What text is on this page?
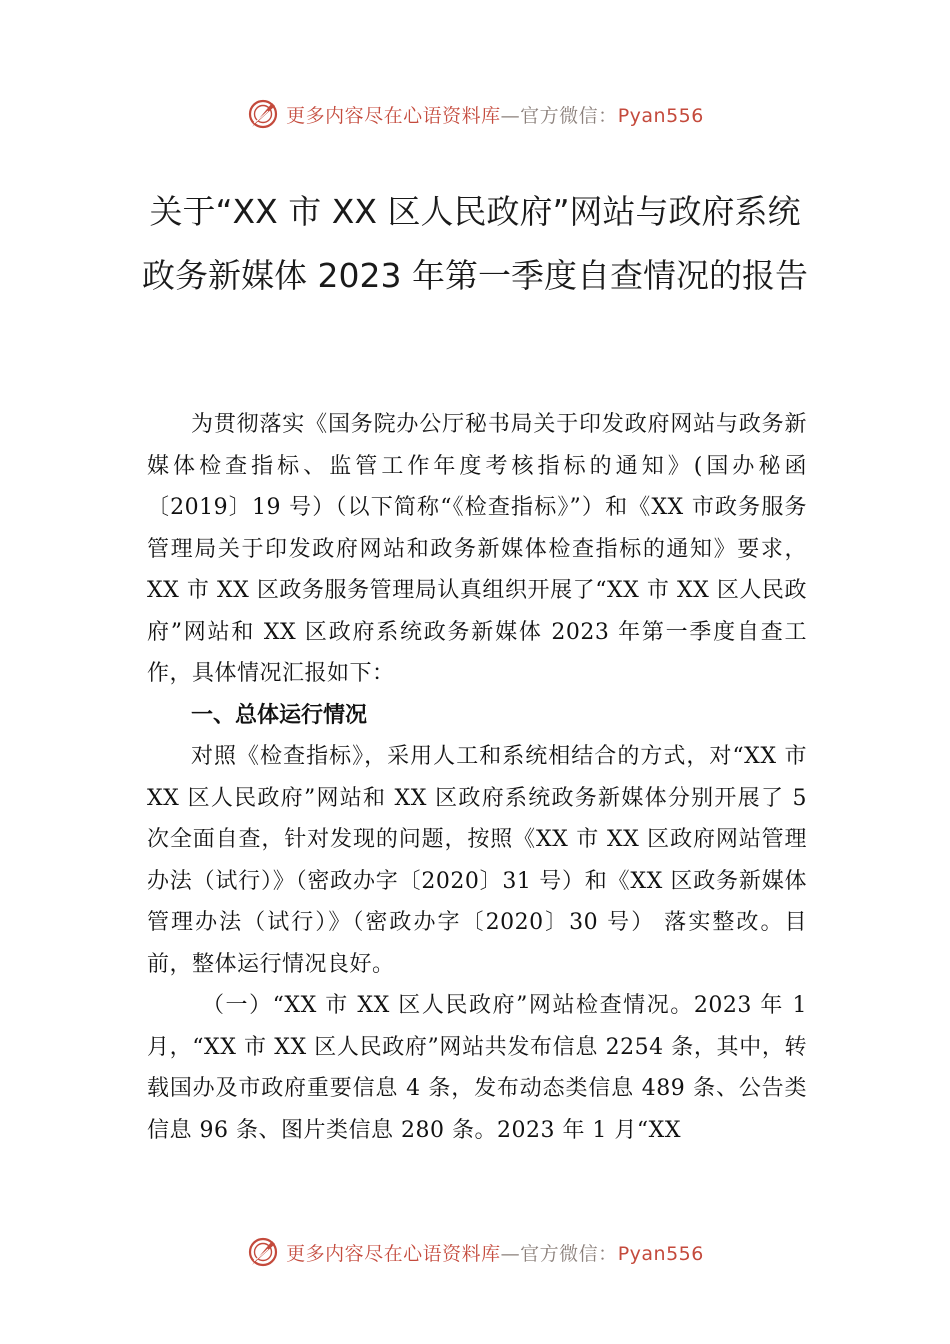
更多内容尽在心语资料库—官方微信：Pyan556
关于“XX 市 XX 区人民政府”网站与政府系统政务新媒体 2023 年第一季度自查情况的报告

为贯彻落实《国务院办公厅秘书局关于印发政府网站与政务新媒体检查指标、监管工作年度考核指标的通知》(国办秘函〔2019〕19 号）（以下简称“《检查指标》”）和《XX 市政务服务管理局关于印发政府网站和政务新媒体检查指标的通知》要求，XX 市 XX 区政务服务管理局认真组织开展了“XX 市 XX 区人民政府”网站和 XX 区政府系统政务新媒体 2023 年第一季度自查工作，具体情况汇报如下：

一、总体运行情况

对照《检查指标》，采用人工和系统相结合的方式，对“XX 市 XX 区人民政府”网站和 XX 区政府系统政务新媒体分别开展了 5 次全面自查，针对发现的问题，按照《XX 市 XX 区政府网站管理办法（试行）》（密政办字〔2020〕31 号）和《XX 区政务新媒体管理办法（试行）》（密政办字〔2020〕30 号） 落实整改。目前，整体运行情况良好。

（一）“XX 市 XX 区人民政府”网站检查情况。2023 年 1 月，“XX 市 XX 区人民政府”网站共发布信息 2254 条，其中，转载国办及市政府重要信息 4 条，发布动态类信息 489 条、公告类信息 96 条、图片类信息 280 条。2023 年 1 月“XX

更多内容尽在心语资料库—官方微信：Pyan556
